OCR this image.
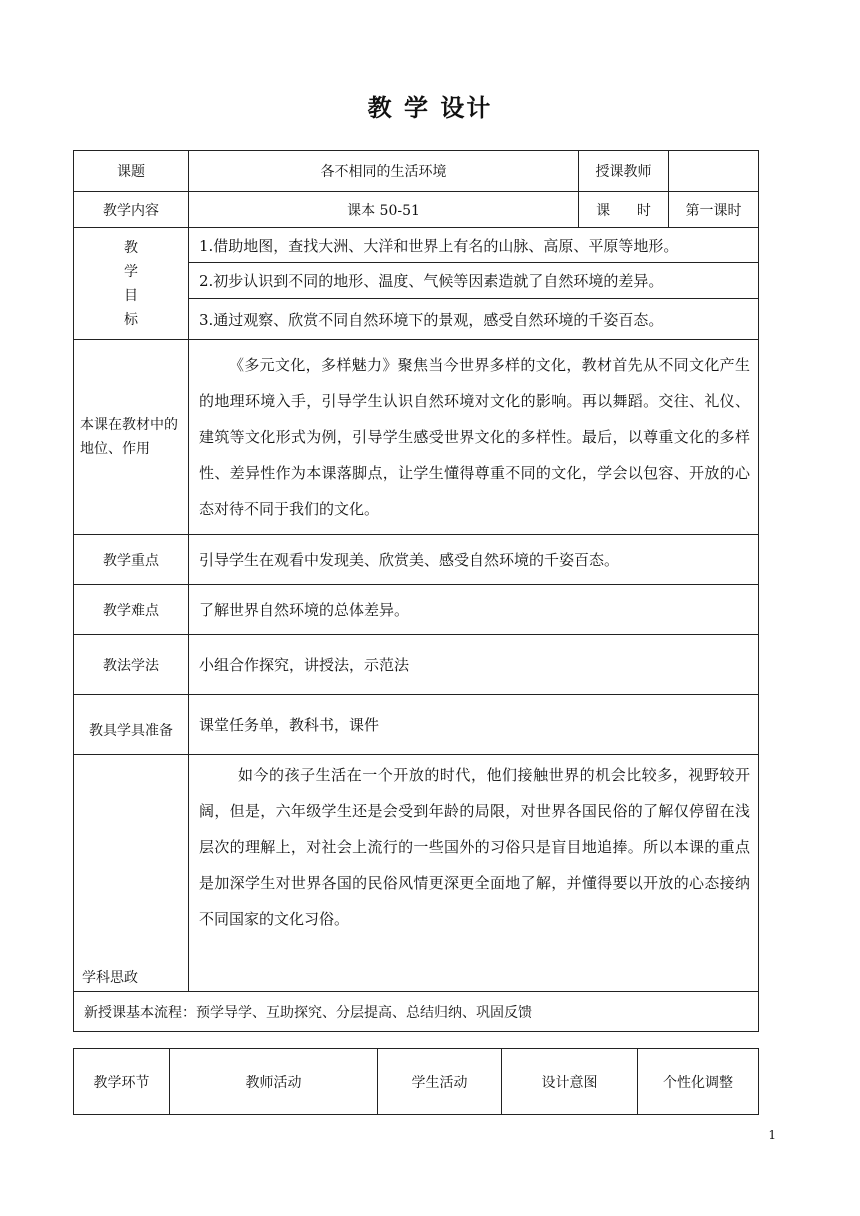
教 学 设计
课题	各不相同的生活环境	授课教师	
教学内容	课本 50-51	课      时	第一课时

教
学
目
标	1.借助地图，查找大洲、大洋和世界上有名的山脉、高原、平原等地形。		
	2.初步认识到不同的地形、温度、气候等因素造就了自然环境的差异。		
	3.通过观察、欣赏不同自然环境下的景观，感受自然环境的千姿百态。		
本课在教材中的地位、作用	《多元文化，多样魅力》聚焦当今世界多样的文化，教材首先从不同文化产生的地理环境入手，引导学生认识自然环境对文化的影响。再以舞蹈。交往、礼仪、建筑等文化形式为例，引导学生感受世界文化的多样性。最后，以尊重文化的多样性、差异性作为本课落脚点，让学生懂得尊重不同的文化，学会以包容、开放的心态对待不同于我们的文化。		
教学重点	引导学生在观看中发现美、欣赏美、感受自然环境的千姿百态。		
教学难点	了解世界自然环境的总体差异。		
教法学法	小组合作探究，讲授法，示范法		
教具学具准备	课堂任务单，教科书，课件		
学科思政	如今的孩子生活在一个开放的时代，他们接触世界的机会比较多，视野较开阔，但是，六年级学生还是会受到年龄的局限，对世界各国民俗的了解仅停留在浅层次的理解上，对社会上流行的一些国外的习俗只是盲目地追捧。所以本课的重点是加深学生对世界各国的民俗风情更深更全面地了解，并懂得要以开放的心态接纳不同国家的文化习俗。		
新授课基本流程：预学导学、互助探究、分层提高、总结归纳、巩固反馈			
教学环节	教师活动	学生活动	设计意图	个性化调整
1
